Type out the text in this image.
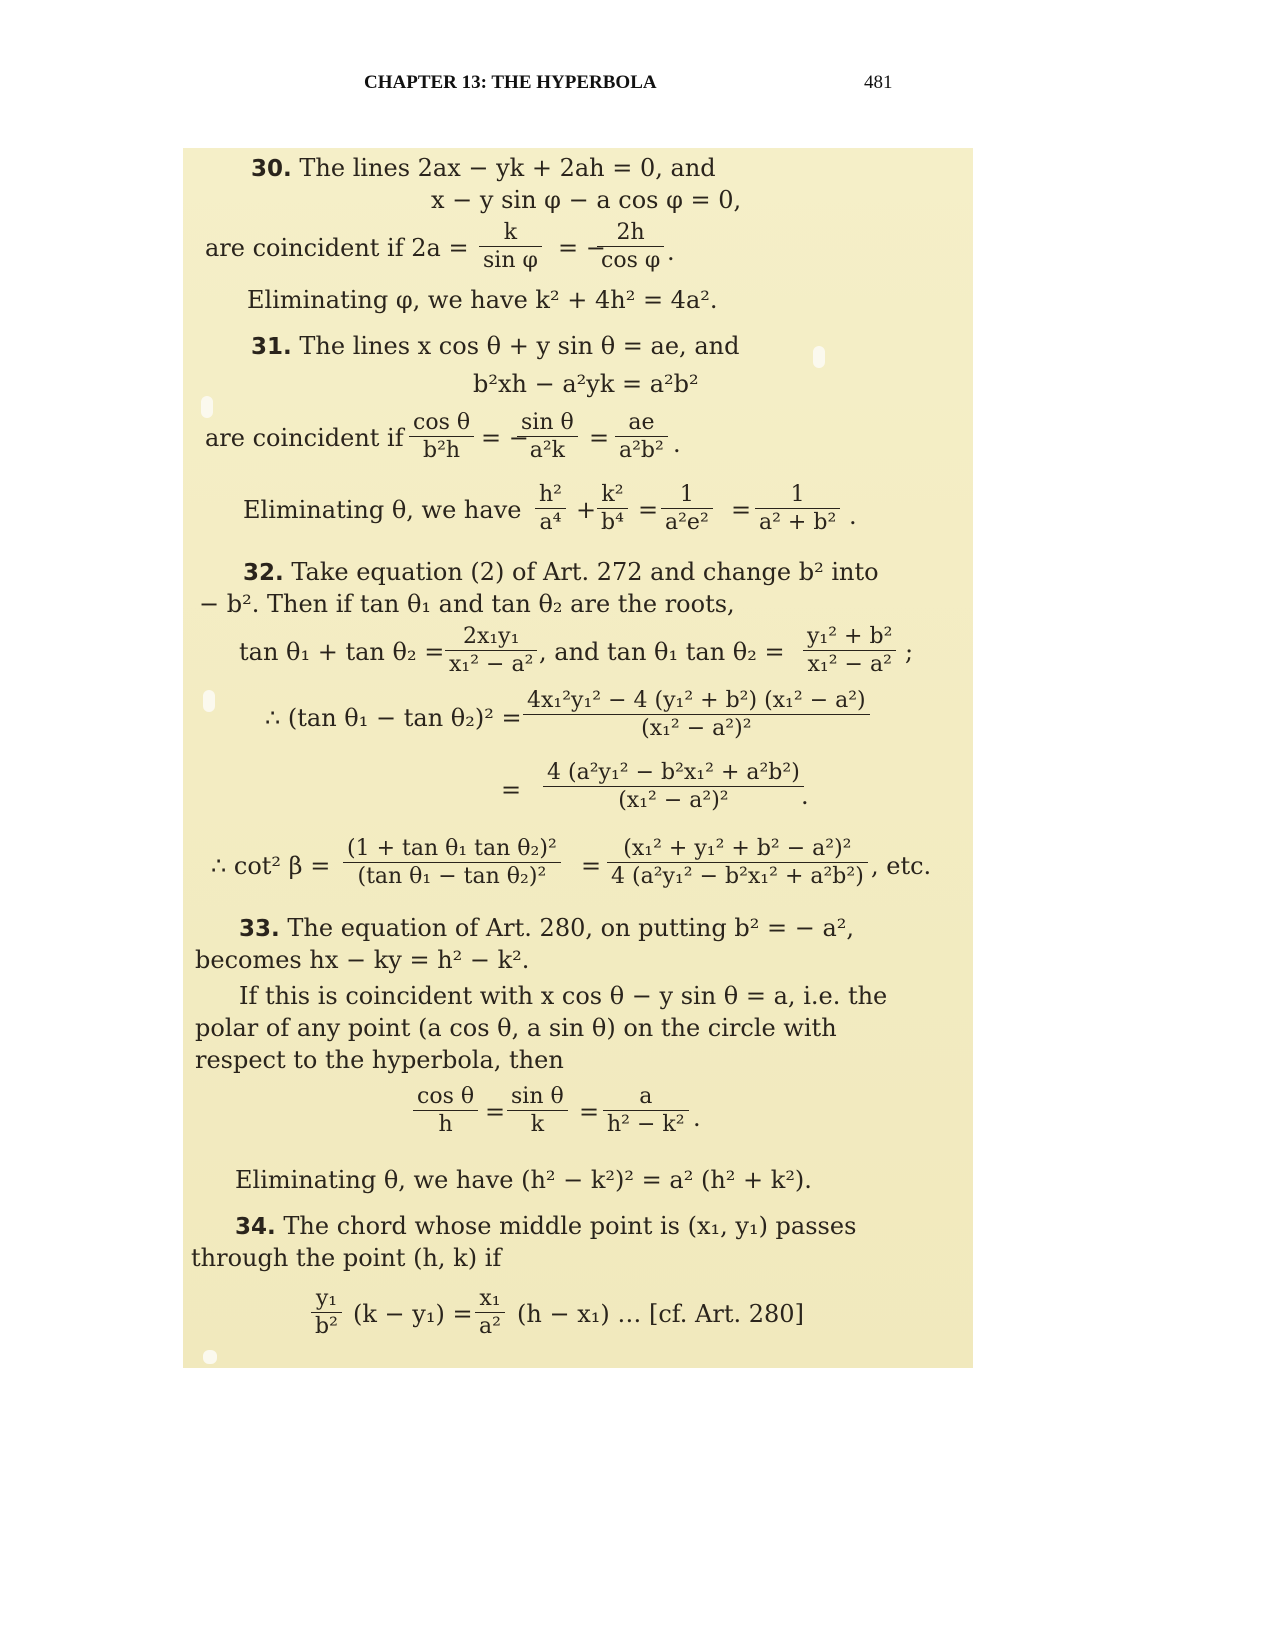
CHAPTER 13: THE HYPERBOLA	481
30. The lines 2ax − yk + 2ah = 0, and
x − y sin φ − a cos φ = 0,
are coincident if $2a = \frac{k}{\text{sin φ}}$ = −
$\frac{2h}{\text{cos φ}}$ .
Eliminating φ, we have k² + 4h² = 4a².
31. The lines x cos θ + y sin θ = ae, and
b²xh − a²yk = a²b²
are coincident if $\frac{\text{cos θ}}{\text{b²h}}$ = −
$\frac{\text{sin θ}}{\text{a²k}} = \frac{ae}{\text{a²b²}}$ .
Eliminating θ, we have $\frac{\text{h²}}{\text{a⁴}} + \frac{\text{k²}}{\text{b⁴}} = \frac{1}{\text{a²e²}} = \frac{1}{\text{a² + b²}}$ .
32. Take equation (2) of Art. 272 and change b² into
− b². Then if tan θ₁ and tan θ₂ are the roots,
$\tan \theta_1 + \tan \theta_2 = \frac{\text{2x₁y₁}}{\text{x₁² − a²}}$ , and tan θ₁ $\tan \theta_2 = \frac{\text{y₁² + b²}}{\text{x₁² − a²}}$ ;
∴ (tan $\theta_1 - \tan \theta_2)^2 = \frac{\text{4x₁²y₁² − 4 (y₁² + b²) (x₁² − a²)}}{\text{(x₁² − a²)²}}$
= $\frac{\text{4 (a²y₁² − b²x₁² + a²b²)}}{\text{(x₁² − a²)²}}$
.
∴ cot² $\beta = \frac{\text{(1 + tan θ₁ tan θ₂)²}}{\text{(tan θ₁ − tan θ₂)²}} = \frac{\text{(x₁² + y₁² + b² − a²)²}}{\text{4 (a²y₁² − b²x₁² + a²b²)}}$ , etc.
33. The equation of Art. 280, on putting b² = − a²,
becomes hx − ky = h² − k².
If this is coincident with x cos θ − y sin θ = a, i.e. the
polar of any point (a cos θ, a sin θ) on the circle with
respect to the hyperbola, then
$\frac{\text{cos θ}}{h} = \frac{\text{sin θ}}{k} = \frac{a}{\text{h² − k²}}$ .
Eliminating θ, we have (h² − k²)² = a² (h² + k²).
34. The chord whose middle point is (x₁, y₁) passes
through the point (h, k) if
$\frac{\text{y₁}}{\text{b²}} (k - y_1) = \frac{\text{x₁}}{\text{a²}} (h - x_1)$ … [cf. Art. 280]
